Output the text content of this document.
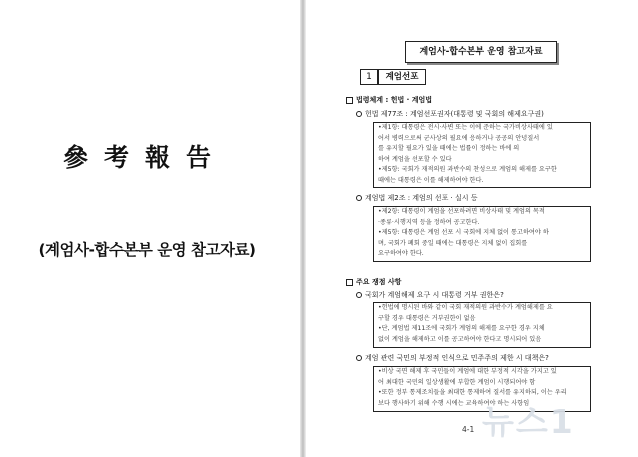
參考報告
(계엄사-합수본부 운영 참고자료)
계엄사-합수본부 운영 참고자료
1	계엄선포
법령체계 : 헌법 · 계엄법
헌법 제77조 : 계엄선포권자(대통령 및 국회의 해제요구권)
•제1항: 대통령은 전시·사변 또는 이에 준하는 국가비상사태에 있
어서 병력으로써 군사상의 필요에 응하거나 공공의 안녕질서
를 유지할 필요가 있을 때에는 법률이 정하는 바에 의
하여 계엄을 선포할 수 있다
•제5항: 국회가 재적의원 과반수의 찬성으로 계엄의 해제를 요구한
때에는 대통령은 이를 해제하여야 한다.
계엄법 제2조 : 계엄의 선포 · 실시 등
•제2항: 대통령이 계엄을 선포하려면 비상사태 및 계엄의 목적
·종류·시행지역 등을 정하여 공고한다.
•제5항: 대통령은 계엄 선포 시 국회에 지체 없이 통고하여야 하
며, 국회가 폐회 중일 때에는 대통령은 지체 없이 집회를
요구하여야 한다.
주요 쟁점 사항
국회가 계엄해제 요구 시 대통령 거부 권한은?
•헌법에 명시된 바와 같이 국회 재적의원 과반수가 계엄해제를 요
구할 경우 대통령은 거부권한이 없음
•단, 계엄법 제11조에 국회가 계엄의 해제를 요구한 경우 지체
없이 계엄을 해제하고 이를 공고하여야 한다고 명시되어 있음
계엄 관련 국민의 부정적 인식으로 민주주의 제한 시 대책은?
•비상 국면 해제 후 국민들이 계엄에 대한 부정적 시각을 가지고 있
어 최대한 국민의 일상생활에 부합한 계엄이 시행되어야 함
•또한 정부 통제조치들을 최대한 통제하여 질서를 유지하되, 이는 우리
보다 행사하기 위해 수행 시에는 교육하여야 하는 사항임
뉴스1
4-1
